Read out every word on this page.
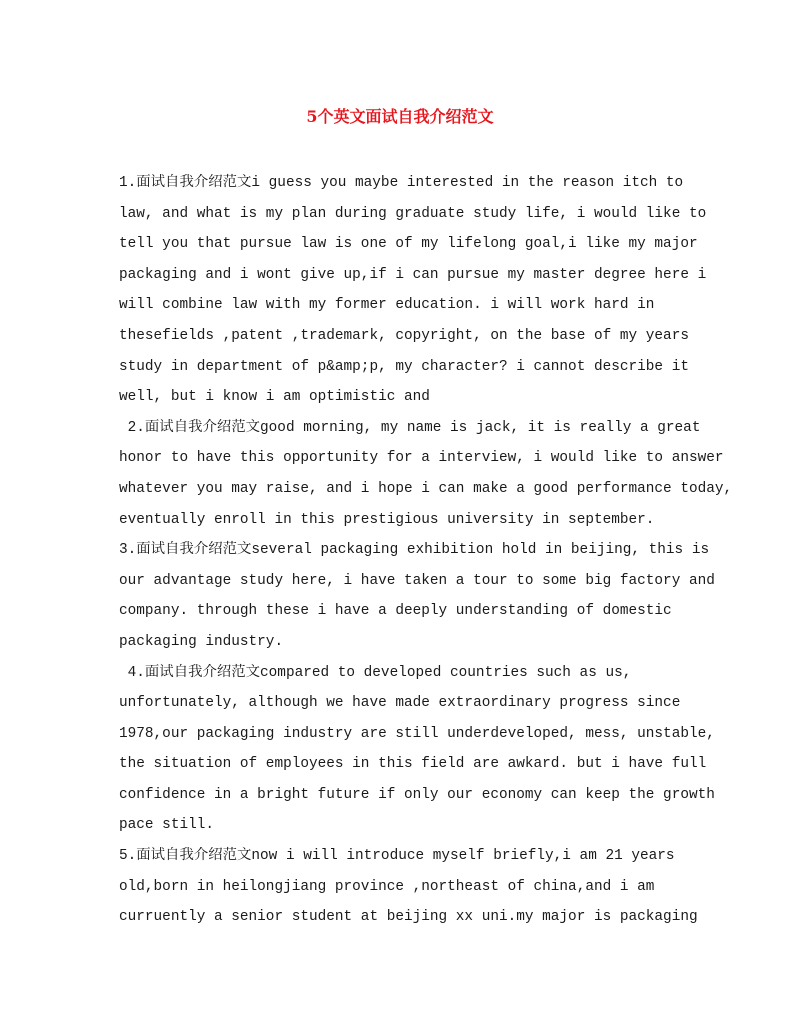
5个英文面试自我介绍范文
1.面试自我介绍范文i guess you maybe interested in the reason itch to
law, and what is my plan during graduate study life, i would like to
tell you that pursue law is one of my lifelong goal,i like my major
packaging and i wont give up,if i can pursue my master degree here i
will combine law with my former education. i will work hard in
thesefields ,patent ,trademark, copyright, on the base of my years
study in department of p&amp;p, my character? i cannot describe it
well, but i know i am optimistic and
2.面试自我介绍范文good morning, my name is jack, it is really a great
honor to have this opportunity for a interview, i would like to answer
whatever you may raise, and i hope i can make a good performance today,
eventually enroll in this prestigious university in september.
3.面试自我介绍范文several packaging exhibition hold in beijing, this is
our advantage study here, i have taken a tour to some big factory and
company. through these i have a deeply understanding of domestic
packaging industry.
4.面试自我介绍范文compared to developed countries such as us,
unfortunately, although we have made extraordinary progress since
1978,our packaging industry are still underdeveloped, mess, unstable,
the situation of employees in this field are awkard. but i have full
confidence in a bright future if only our economy can keep the growth
pace still.
5.面试自我介绍范文now i will introduce myself briefly,i am 21 years
old,born in heilongjiang province ,northeast of china,and i am
curruently a senior student at beijing xx uni.my major is packaging
